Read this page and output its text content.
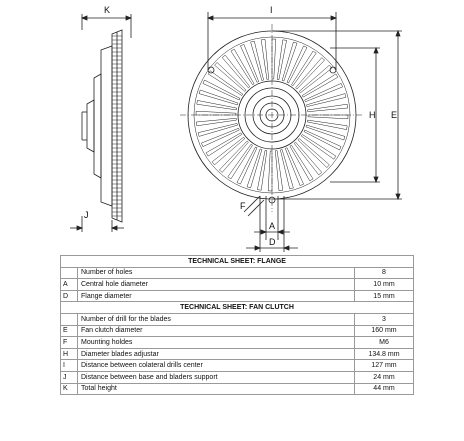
K
J
I
H E
A
D
F
TECHNICAL SHEET: FLANGE		
	Number of holes	8
A	Central hole diameter	10 mm
D	Flange diameter	15 mm
TECHNICAL SHEET: FAN CLUTCH		
	Number of drill for the blades	3
E	Fan clutch diameter	160 mm
F	Mounting holdes	M6
H	Diameter blades adjustar	134.8 mm
I	Distance between colateral drills center	127 mm
J	Distance between base and bladers support	24 mm
K	Total height	44 mm
